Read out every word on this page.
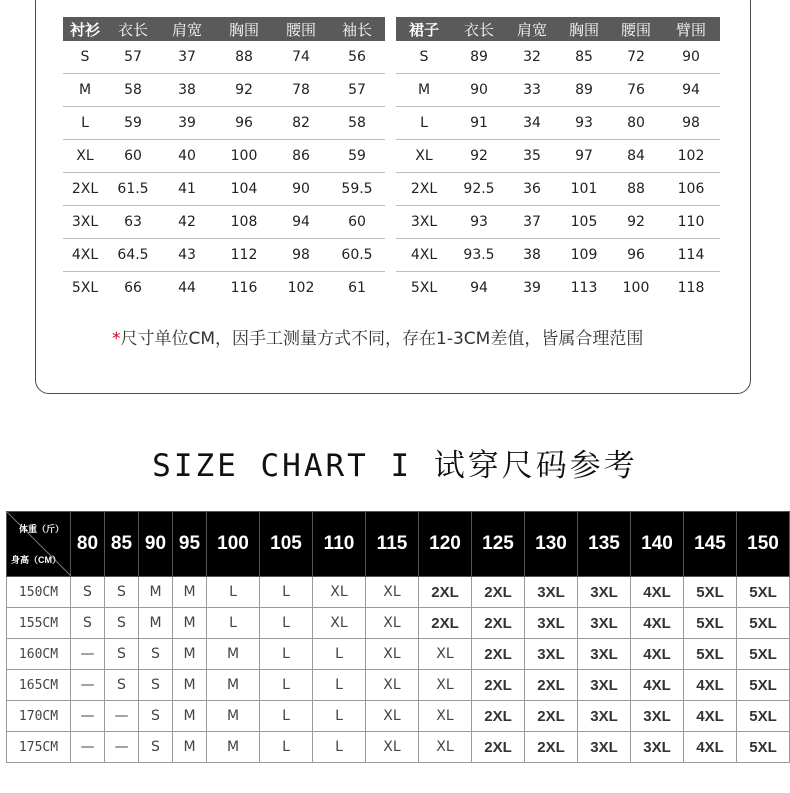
衬衫	衣长	肩宽	胸围	腰围	袖长
S	57	37	88	74	56
M	58	38	92	78	57
L	59	39	96	82	58
XL	60	40	100	86	59
2XL	61.5	41	104	90	59.5
3XL	63	42	108	94	60
4XL	64.5	43	112	98	60.5
5XL	66	44	116	102	61
裙子	衣长	肩宽	胸围	腰围	臂围
S	89	32	85	72	90
M	90	33	89	76	94
L	91	34	93	80	98
XL	92	35	97	84	102
2XL	92.5	36	101	88	106
3XL	93	37	105	92	110
4XL	93.5	38	109	96	114
5XL	94	39	113	100	118
*尺寸单位CM，因手工测量方式不同，存在1-3CM差值，皆属合理范围
SIZE CHART I 试穿尺码参考
体重（斤）
身高（CM）	80	85	90	95	100	105	110	115	120	125	130	135	140	145	150
150CM	S	S	M	M	L	L	XL	XL	2XL	2XL	3XL	3XL	4XL	5XL	5XL
155CM	S	S	M	M	L	L	XL	XL	2XL	2XL	3XL	3XL	4XL	5XL	5XL
160CM	—	S	S	M	M	L	L	XL	XL	2XL	3XL	3XL	4XL	5XL	5XL
165CM	—	S	S	M	M	L	L	XL	XL	2XL	2XL	3XL	4XL	4XL	5XL
170CM	—	—	S	M	M	L	L	XL	XL	2XL	2XL	3XL	3XL	4XL	5XL
175CM	—	—	S	M	M	L	L	XL	XL	2XL	2XL	3XL	3XL	4XL	5XL
